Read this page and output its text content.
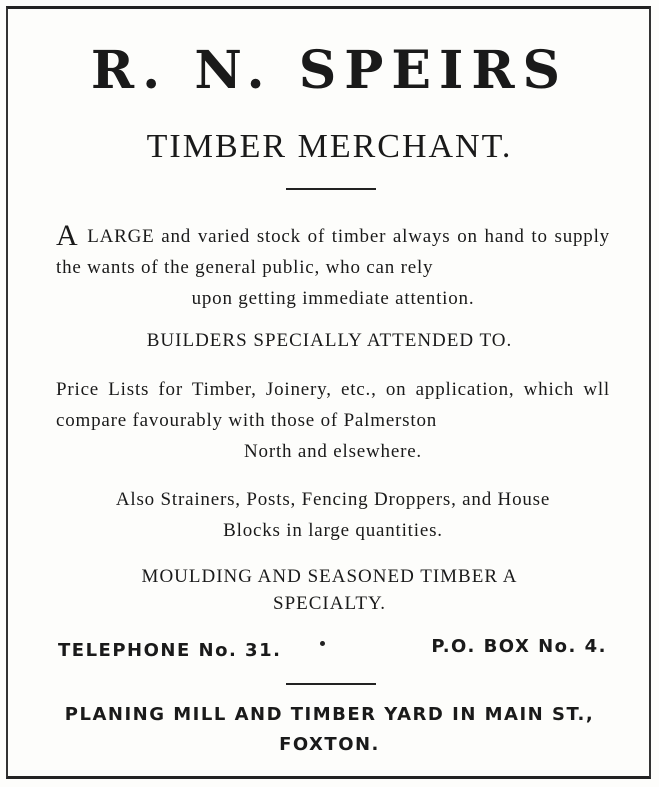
R. N. SPEIRS
TIMBER MERCHANT.
A LARGE and varied stock of timber always on hand to supply the wants of the general public, who can rely
upon getting immediate attention.
BUILDERS SPECIALLY ATTENDED TO.
Price Lists for Timber, Joinery, etc., on application, which wll compare favourably with those of Palmerston
North and elsewhere.
Also Strainers, Posts, Fencing Droppers, and House
Blocks in large quantities.
MOULDING AND SEASONED TIMBER A
SPECIALTY.
TELEPHONE No. 31.	P.O. BOX No. 4.
PLANING MILL AND TIMBER YARD IN MAIN ST.,
FOXTON.
